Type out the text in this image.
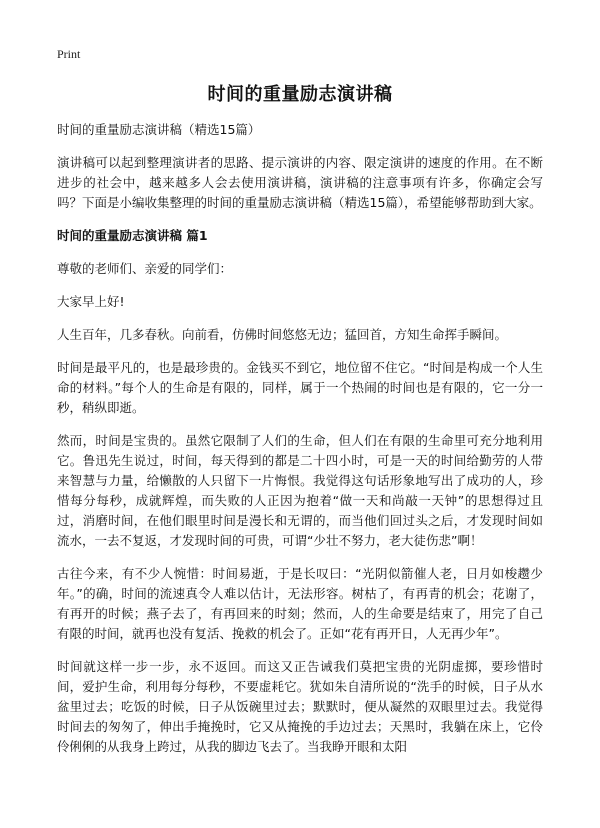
Print
时间的重量励志演讲稿

时间的重量励志演讲稿（精选15篇）

演讲稿可以起到整理演讲者的思路、提示演讲的内容、限定演讲的速度的作用。在不断进步的社会中，越来越多人会去使用演讲稿，演讲稿的注意事项有许多，你确定会写吗？下面是小编收集整理的时间的重量励志演讲稿（精选15篇），希望能够帮助到大家。

时间的重量励志演讲稿 篇1

尊敬的老师们、亲爱的同学们：

大家早上好!

人生百年，几多春秋。向前看，仿佛时间悠悠无边；猛回首，方知生命挥手瞬间。

时间是最平凡的，也是最珍贵的。金钱买不到它，地位留不住它。“时间是构成一个人生命的材料。”每个人的生命是有限的，同样，属于一个热闹的时间也是有限的，它一分一秒，稍纵即逝。

然而，时间是宝贵的。虽然它限制了人们的生命，但人们在有限的生命里可充分地利用它。鲁迅先生说过，时间，每天得到的都是二十四小时，可是一天的时间给勤劳的人带来智慧与力量，给懒散的人只留下一片悔恨。我觉得这句话形象地写出了成功的人，珍惜每分每秒，成就辉煌，而失败的人正因为抱着“做一天和尚敲一天钟”的思想得过且过，消磨时间，在他们眼里时间是漫长和无谓的，而当他们回过头之后，才发现时间如流水，一去不复返，才发现时间的可贵，可谓“少壮不努力，老大徒伤悲”啊！

古往今来，有不少人惋惜：时间易逝，于是长叹曰：“光阴似箭催人老，日月如梭趱少年。”的确，时间的流速真令人难以估计，无法形容。树枯了，有再青的机会；花谢了，有再开的时候；燕子去了，有再回来的时刻；然而，人的生命要是结束了，用完了自己有限的时间，就再也没有复活、挽救的机会了。正如“花有再开日，人无再少年”。

时间就这样一步一步，永不返回。而这又正告诫我们莫把宝贵的光阴虚掷，要珍惜时间，爱护生命，利用每分每秒，不要虚耗它。犹如朱自清所说的“洗手的时候，日子从水盆里过去；吃饭的时候，日子从饭碗里过去；默默时，便从凝然的双眼里过去。我觉得时间去的匆匆了，伸出手掩挽时，它又从掩挽的手边过去；天黑时，我躺在床上，它伶伶俐俐的从我身上跨过，从我的脚边飞去了。当我睁开眼和太阳
